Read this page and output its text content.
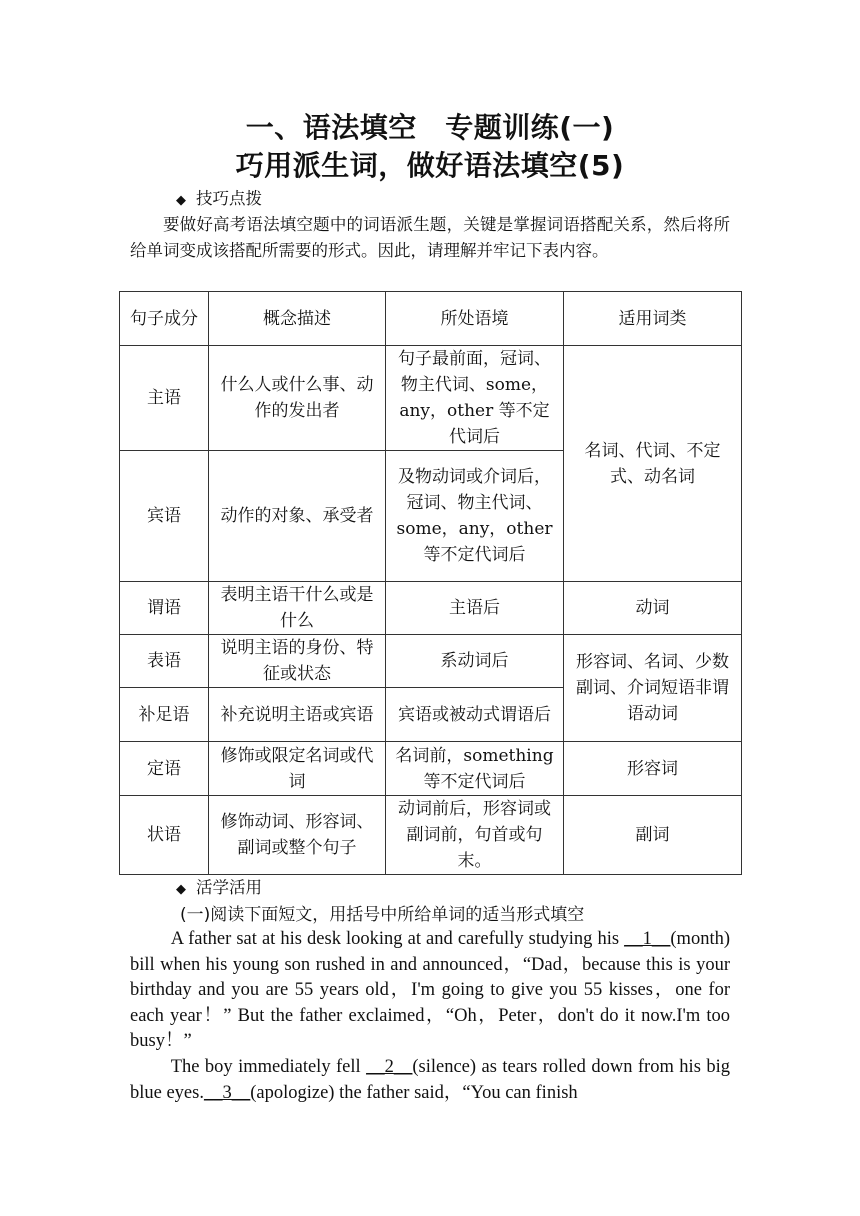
一、语法填空　专题训练(一)
巧用派生词，做好语法填空(5)
◆ 技巧点拨
要做好高考语法填空题中的词语派生题，关键是掌握词语搭配关系，然后将所给单词变成该搭配所需要的形式。因此，请理解并牢记下表内容。
句子成分	概念描述	所处语境	适用词类
主语	什么人或什么事、动作的发出者	句子最前面，冠词、物主代词、some，any，other 等不定代词后	名词、代词、不定式、动名词
宾语	动作的对象、承受者	及物动词或介词后，冠词、物主代词、some，any，other 等不定代词后	
谓语	表明主语干什么或是什么	主语后	动词
表语	说明主语的身份、特征或状态	系动词后	形容词、名词、少数副词、介词短语非谓语动词
补足语	补充说明主语或宾语	宾语或被动式谓语后	
定语	修饰或限定名词或代词	名词前，something 等不定代词后	形容词
状语	修饰动词、形容词、副词或整个句子	动词前后，形容词或副词前，句首或句末。	副词
◆ 活学活用
(一)阅读下面短文，用括号中所给单词的适当形式填空
A father sat at his desk looking at and carefully studying his __1__(month) bill when his young son rushed in and announced，“Dad，because this is your birthday and you are 55 years old，I'm going to give you 55 kisses，one for each year！” But the father exclaimed，“Oh，Peter，don't do it now.I'm too busy！”
The boy immediately fell __2__(silence) as tears rolled down from his big blue eyes.__3__(apologize) the father said，“You can finish
